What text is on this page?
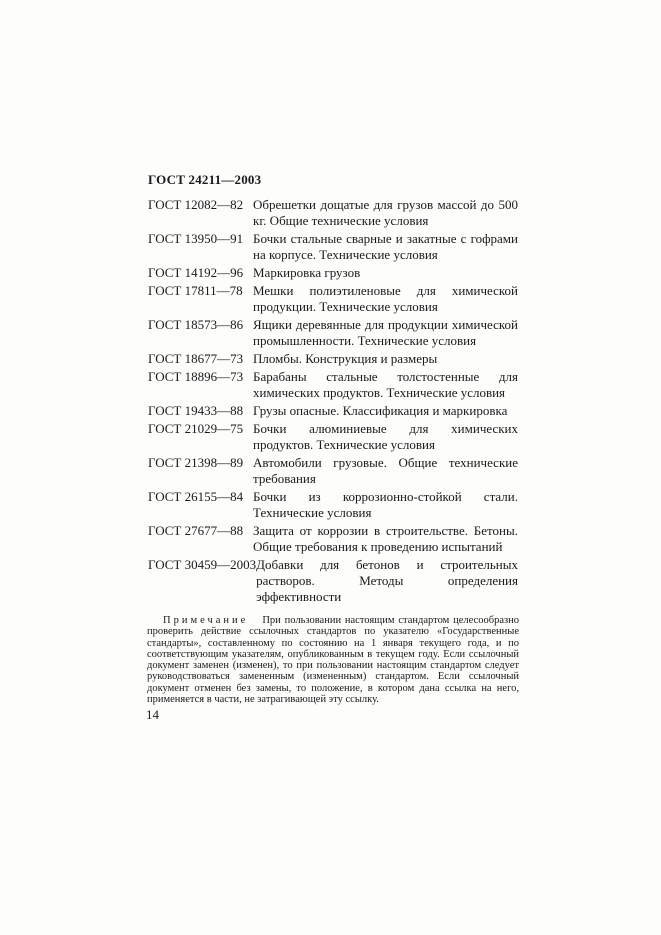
ГОСТ 24211—2003
ГОСТ 12082—82 Обрешетки дощатые для грузов массой до 500 кг. Общие технические условия
ГОСТ 13950—91 Бочки стальные сварные и закатные с гофрами на корпусе. Технические условия
ГОСТ 14192—96 Маркировка грузов
ГОСТ 17811—78 Мешки полиэтиленовые для химической продукции. Технические условия
ГОСТ 18573—86 Ящики деревянные для продукции химической промышленности. Технические условия
ГОСТ 18677—73 Пломбы. Конструкция и размеры
ГОСТ 18896—73 Барабаны стальные толстостенные для химических продуктов. Технические условия
ГОСТ 19433—88 Грузы опасные. Классификация и маркировка
ГОСТ 21029—75 Бочки алюминиевые для химических продуктов. Технические условия
ГОСТ 21398—89 Автомобили грузовые. Общие технические требования
ГОСТ 26155—84 Бочки из коррозионно-стойкой стали. Технические условия
ГОСТ 27677—88 Защита от коррозии в строительстве. Бетоны. Общие требования к проведению испытаний
ГОСТ 30459—2003 Добавки для бетонов и строительных растворов. Методы определения эффективности
Примечание При пользовании настоящим стандартом целесообразно проверить действие ссылочных стандартов по указателю «Государственные стандарты», составленному по состоянию на 1 января текущего года, и по соответствующим указателям, опубликованным в текущем году. Если ссылочный документ заменен (изменен), то при пользовании настоящим стандартом следует руководствоваться замененным (измененным) стандартом. Если ссылочный документ отменен без замены, то положение, в котором дана ссылка на него, применяется в части, не затрагивающей эту ссылку.
14
